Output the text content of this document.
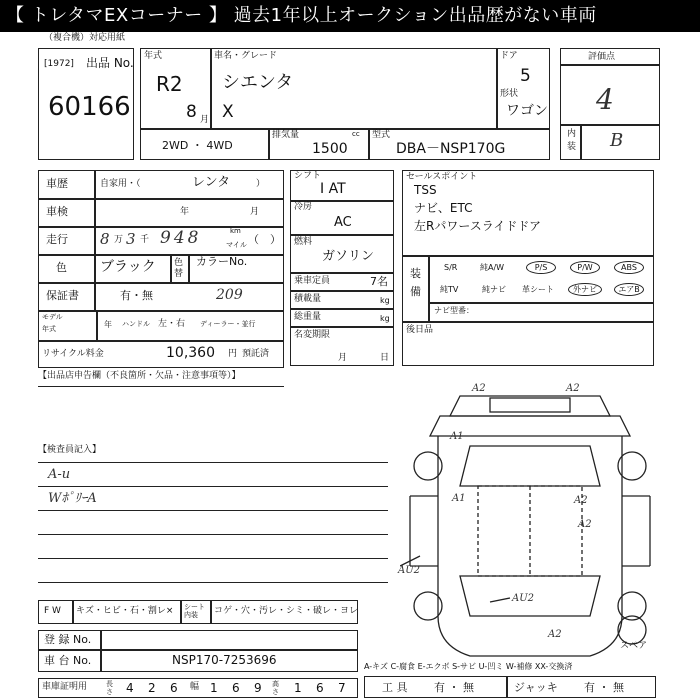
【 トレタマEXコーナー 】 過去1年以上オークション出品歴がない車両
（複合機）対応用紙
[1972] 出品 No.
60166
年式
R2
8 月
車名・グレード
シエンタ
X
ドア
5
形状
ワゴン
2WD ・ 4WD
排気量	cc
1500
型式
DBA－NSP170G
評価点
4
内装 B
車歴	自家用・（	レンタ	）
車検	年	月
走行 8 万 3 千 948	km
マイル （　）
色 ブラック 色替
カラーNo.
保証書	有・無	209
モデル
年式	年 ハンドル 左・右 ディーラー・並行
リサイクル料金	10,360 円 預託済
シフト
I AT
冷房
AC
燃料
ガソリン
乗車定員	7名
積載量	kg
総重量	kg
名変期限
月	日
セールスポイント
TSS
ナビ、ETC
左Rパワースライドドア
装
備
S/R	純A/W	P/S	P/W	ABS
純TV	純ナビ 革シート	外ナビ	エアB
ナビ型番：
後日品
【出品店申告欄（不良箇所・欠品・注意事項等）】
【検査員記入】
A-u
WﾎﾟﾘｰA
A2	A2
A1
A1	A2
A2
AU2
AU2
A2
スペア
F W キズ・ヒビ・石・割レ× シート内装	コゲ・穴・汚レ・シミ・破レ・ヨレ
登 録 No.
車 台 No.	NSP170-7253696	A-キズ C-腐食 E-エクボ S-サビ U-凹ミ W-補修 XX-交換済
車庫証明用	長さ 4 2 6 幅 1 6 9 高さ 1 6 7	工 具 有 ・ 無	ジャッキ 有 ・ 無
